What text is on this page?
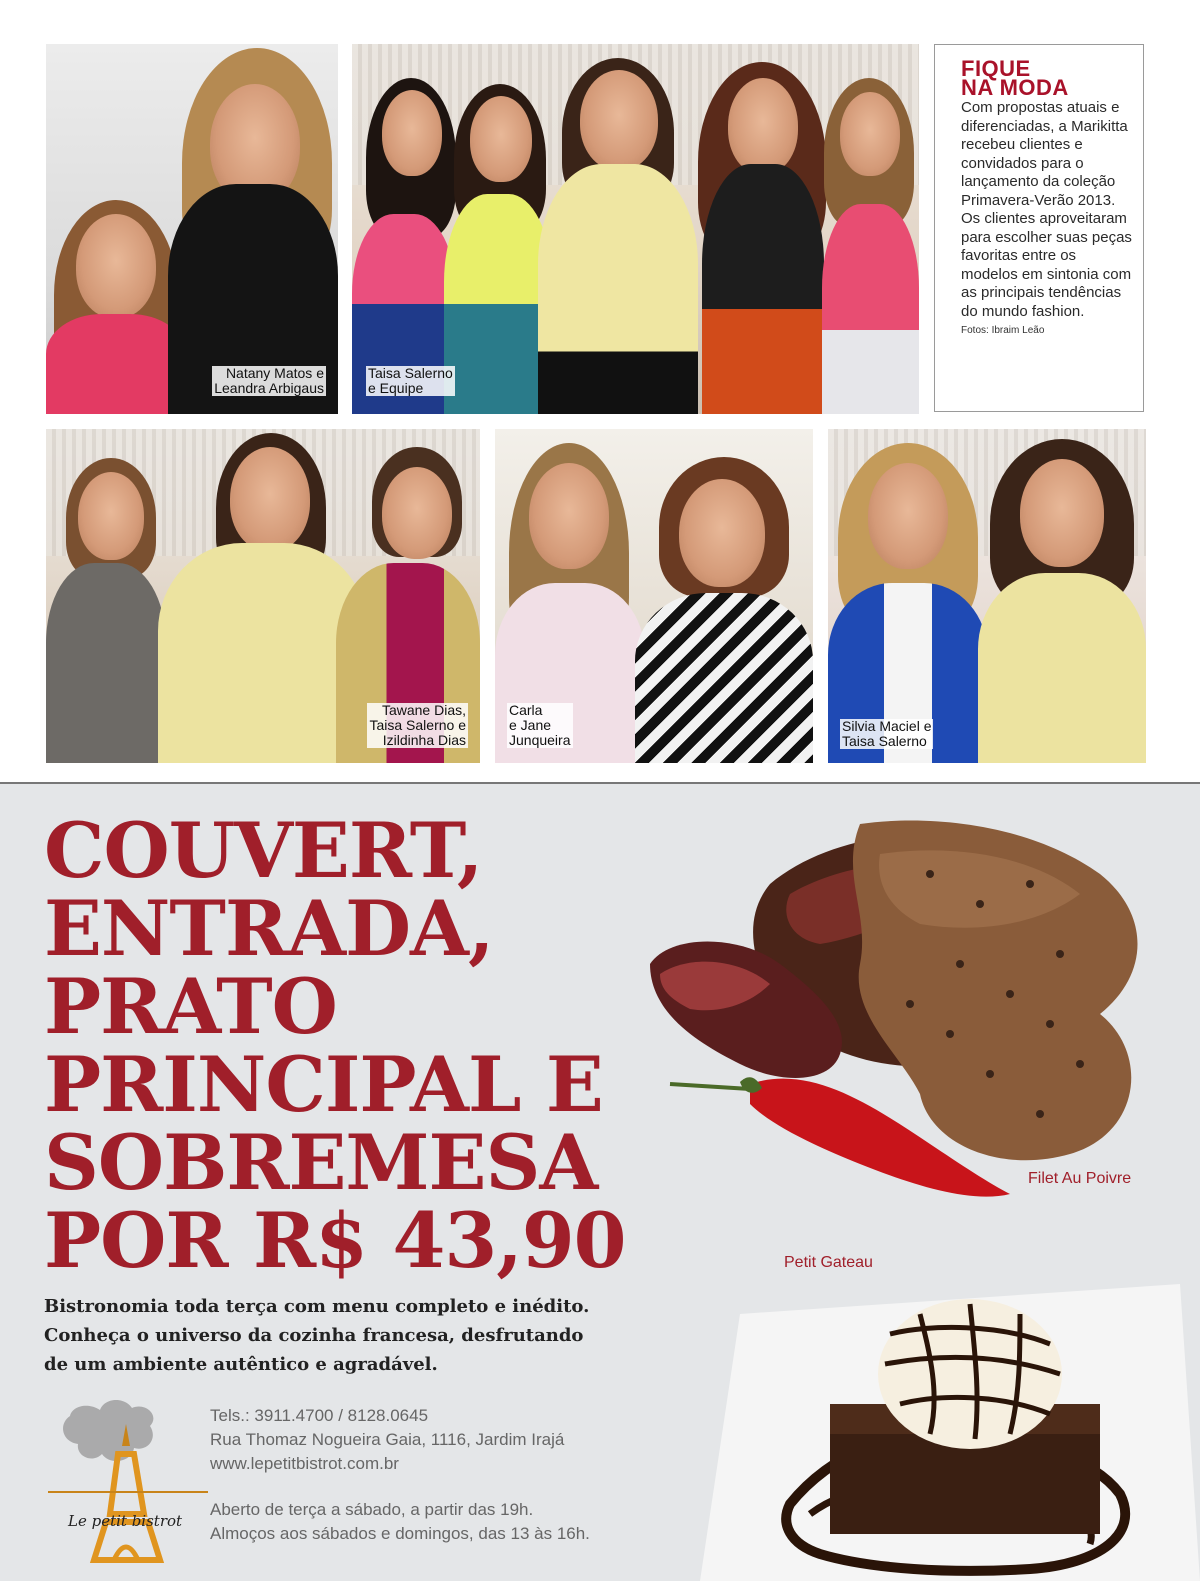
Natany Matos e
Leandra Arbigaus
Taisa Salerno
e Equipe
FIQUE
NA MODA
Com propostas atuais e diferenciadas, a Marikitta recebeu clientes e convidados para o lançamento da coleção Primavera-Verão 2013. Os clientes aproveitaram para escolher suas peças favoritas entre os modelos em sintonia com as principais tendências do mundo fashion.
Fotos: Ibraim Leão
Tawane Dias,
Taisa Salerno e
Izildinha Dias
Carla
e Jane
Junqueira
Silvia Maciel e
Taisa Salerno
COUVERT,
ENTRADA,
PRATO
PRINCIPAL E
SOBREMESA
POR R$ 43,90
Bistronomia toda terça com menu completo e inédito.
Conheça o universo da cozinha francesa, desfrutando
de um ambiente autêntico e agradável.
Le petit bistrot
Tels.: 3911.4700 / 8128.0645
Rua Thomaz Nogueira Gaia, 1116, Jardim Irajá
www.lepetitbistrot.com.br
Aberto de terça a sábado, a partir das 19h.
Almoços aos sábados e domingos, das 13 às 16h.
Filet Au Poivre
Petit Gateau
